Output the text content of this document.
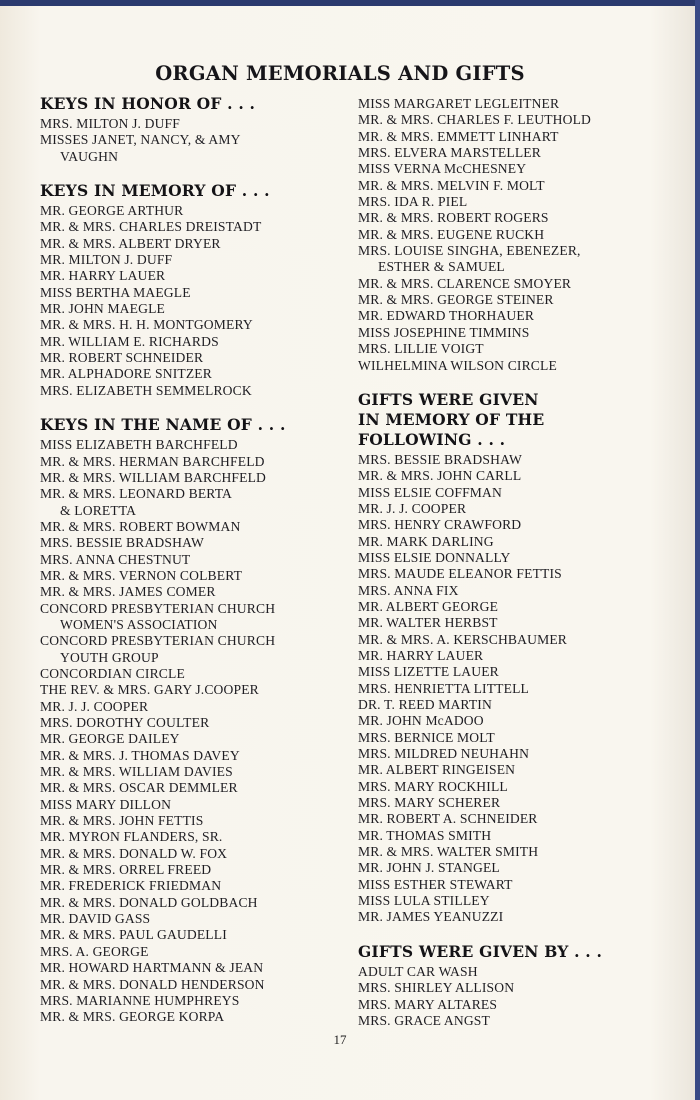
ORGAN MEMORIALS AND GIFTS
KEYS IN HONOR OF . . .
MRS. MILTON J. DUFF
MISSES JANET, NANCY, & AMY
VAUGHN
KEYS IN MEMORY OF . . .
MR. GEORGE ARTHUR
MR. & MRS. CHARLES DREISTADT
MR. & MRS. ALBERT DRYER
MR. MILTON J. DUFF
MR. HARRY LAUER
MISS BERTHA MAEGLE
MR. JOHN MAEGLE
MR. & MRS. H. H. MONTGOMERY
MR. WILLIAM E. RICHARDS
MR. ROBERT SCHNEIDER
MR. ALPHADORE SNITZER
MRS. ELIZABETH SEMMELROCK
KEYS IN THE NAME OF . . .
MISS ELIZABETH BARCHFELD
MR. & MRS. HERMAN BARCHFELD
MR. & MRS. WILLIAM BARCHFELD
MR. & MRS. LEONARD BERTA
& LORETTA
MR. & MRS. ROBERT BOWMAN
MRS. BESSIE BRADSHAW
MRS. ANNA CHESTNUT
MR. & MRS. VERNON COLBERT
MR. & MRS. JAMES COMER
CONCORD PRESBYTERIAN CHURCH
WOMEN'S ASSOCIATION
CONCORD PRESBYTERIAN CHURCH
YOUTH GROUP
CONCORDIAN CIRCLE
THE REV. & MRS. GARY J.COOPER
MR. J. J. COOPER
MRS. DOROTHY COULTER
MR. GEORGE DAILEY
MR. & MRS. J. THOMAS DAVEY
MR. & MRS. WILLIAM DAVIES
MR. & MRS. OSCAR DEMMLER
MISS MARY DILLON
MR. & MRS. JOHN FETTIS
MR. MYRON FLANDERS, SR.
MR. & MRS. DONALD W. FOX
MR. & MRS. ORREL FREED
MR. FREDERICK FRIEDMAN
MR. & MRS. DONALD GOLDBACH
MR. DAVID GASS
MR. & MRS. PAUL GAUDELLI
MRS. A. GEORGE
MR. HOWARD HARTMANN & JEAN
MR. & MRS. DONALD HENDERSON
MRS. MARIANNE HUMPHREYS
MR. & MRS. GEORGE KORPA
MISS MARGARET LEGLEITNER
MR. & MRS. CHARLES F. LEUTHOLD
MR. & MRS. EMMETT LINHART
MRS. ELVERA MARSTELLER
MISS VERNA McCHESNEY
MR. & MRS. MELVIN F. MOLT
MRS. IDA R. PIEL
MR. & MRS. ROBERT ROGERS
MR. & MRS. EUGENE RUCKH
MRS. LOUISE SINGHA, EBENEZER,
ESTHER & SAMUEL
MR. & MRS. CLARENCE SMOYER
MR. & MRS. GEORGE STEINER
MR. EDWARD THORHAUER
MISS JOSEPHINE TIMMINS
MRS. LILLIE VOIGT
WILHELMINA WILSON CIRCLE
GIFTS WERE GIVEN
IN MEMORY OF THE
FOLLOWING . . .
MRS. BESSIE BRADSHAW
MR. & MRS. JOHN CARLL
MISS ELSIE COFFMAN
MR. J. J. COOPER
MRS. HENRY CRAWFORD
MR. MARK DARLING
MISS ELSIE DONNALLY
MRS. MAUDE ELEANOR FETTIS
MRS. ANNA FIX
MR. ALBERT GEORGE
MR. WALTER HERBST
MR. & MRS. A. KERSCHBAUMER
MR. HARRY LAUER
MISS LIZETTE LAUER
MRS. HENRIETTA LITTELL
DR. T. REED MARTIN
MR. JOHN McADOO
MRS. BERNICE MOLT
MRS. MILDRED NEUHAHN
MR. ALBERT RINGEISEN
MRS. MARY ROCKHILL
MRS. MARY SCHERER
MR. ROBERT A. SCHNEIDER
MR. THOMAS SMITH
MR. & MRS. WALTER SMITH
MR. JOHN J. STANGEL
MISS ESTHER STEWART
MISS LULA STILLEY
MR. JAMES YEANUZZI
GIFTS WERE GIVEN BY . . .
ADULT CAR WASH
MRS. SHIRLEY ALLISON
MRS. MARY ALTARES
MRS. GRACE ANGST
17
